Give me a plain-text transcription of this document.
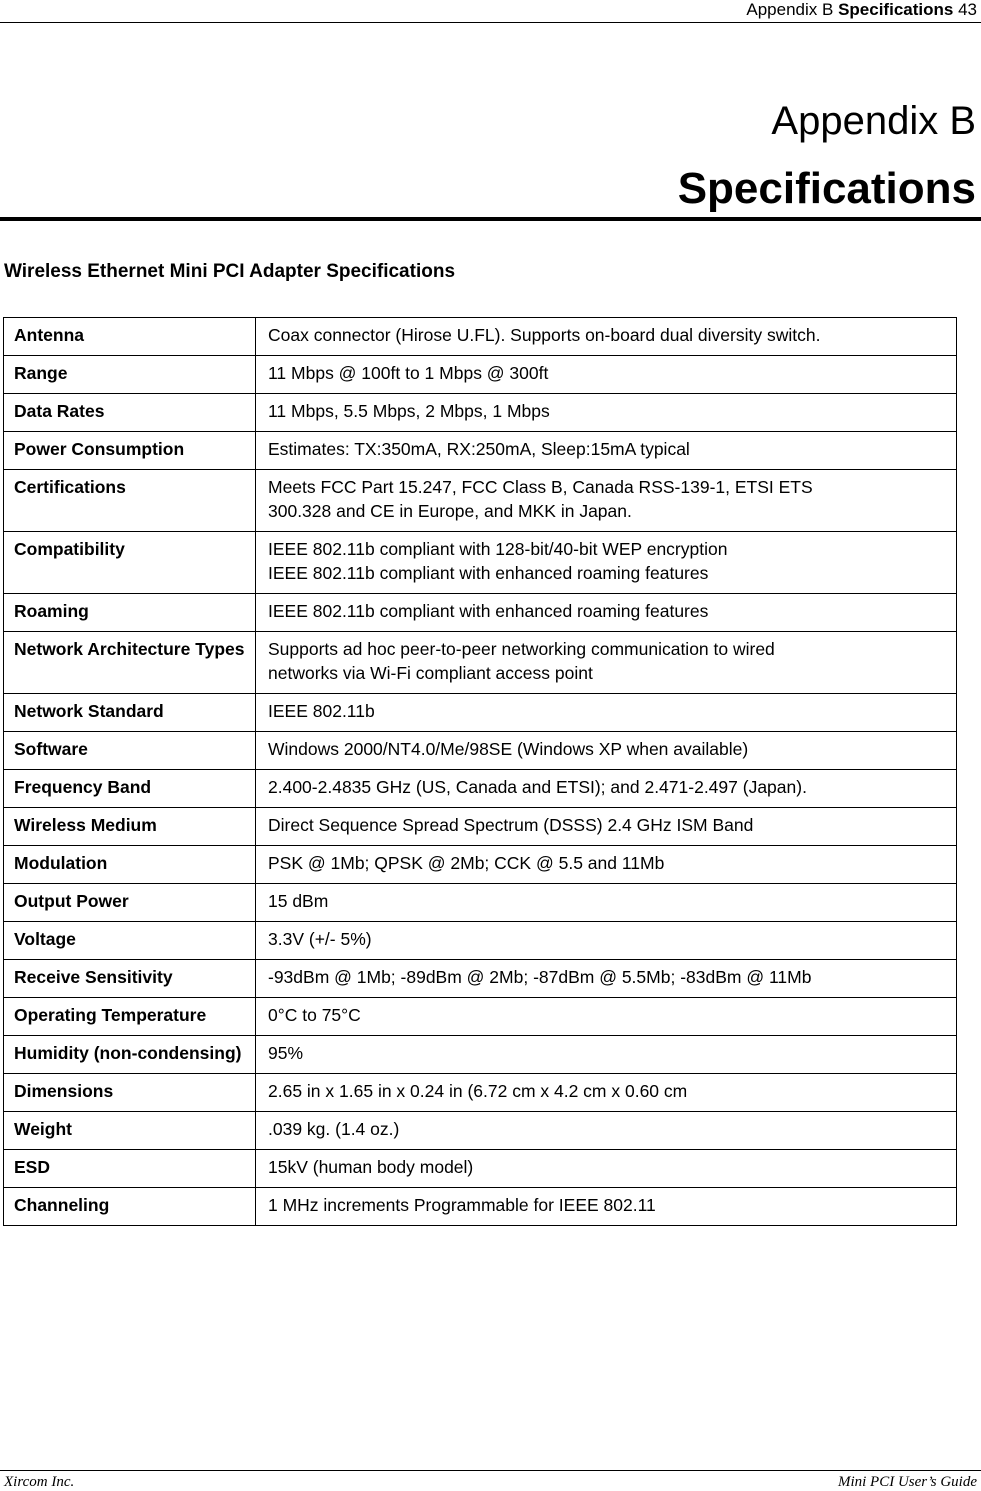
Appendix B Specifications 43
Appendix B
Specifications
Wireless Ethernet Mini PCI Adapter Specifications
Antenna	Coax connector (Hirose U.FL). Supports on-board dual diversity switch.

Range	11 Mbps @ 100ft to 1 Mbps @ 300ft

Data Rates	11 Mbps, 5.5 Mbps, 2 Mbps, 1 Mbps

Power Consumption	Estimates: TX:350mA, RX:250mA, Sleep:15mA typical

Certifications	Meets FCC Part 15.247, FCC Class B, Canada RSS-139-1, ETSI ETS
300.328 and CE in Europe, and MKK in Japan.

Compatibility	IEEE 802.11b compliant with 128-bit/40-bit WEP encryption
IEEE 802.11b compliant with enhanced roaming features

Roaming	IEEE 802.11b compliant with enhanced roaming features

Network Architecture Types	Supports ad hoc peer-to-peer networking communication to wired
networks via Wi-Fi compliant access point

Network Standard	IEEE 802.11b

Software	Windows 2000/NT4.0/Me/98SE (Windows XP when available)

Frequency Band	2.400-2.4835 GHz (US, Canada and ETSI); and 2.471-2.497 (Japan).

Wireless Medium	Direct Sequence Spread Spectrum (DSSS) 2.4 GHz ISM Band

Modulation	PSK @ 1Mb; QPSK @ 2Mb; CCK @ 5.5 and 11Mb

Output Power	15 dBm

Voltage	3.3V (+/- 5%)

Receive Sensitivity	-93dBm @ 1Mb; -89dBm @ 2Mb; -87dBm @ 5.5Mb; -83dBm @ 11Mb

Operating Temperature	0°C to 75°C

Humidity (non-condensing)	95%

Dimensions	2.65 in x 1.65 in x 0.24 in (6.72 cm x 4.2 cm x 0.60 cm

Weight	.039 kg. (1.4 oz.)

ESD	15kV (human body model)

Channeling	1 MHz increments Programmable for IEEE 802.11
Xircom Inc.	Mini PCI User’s Guide
